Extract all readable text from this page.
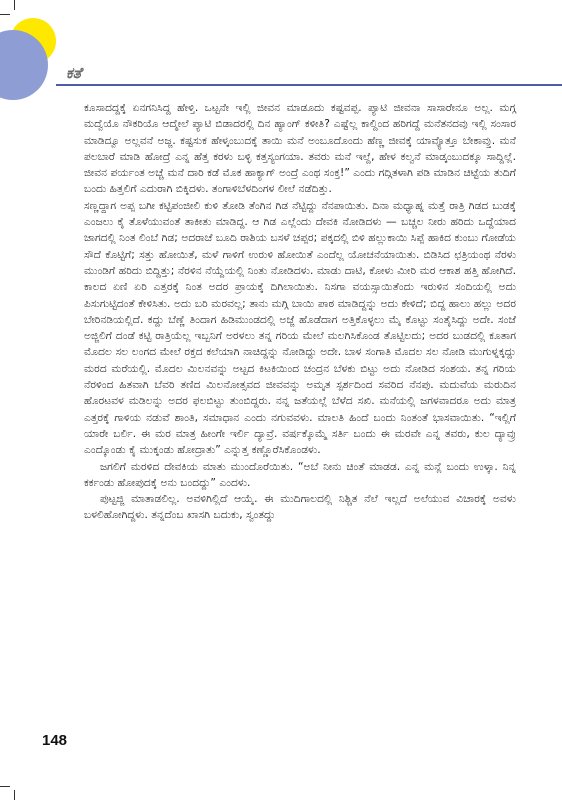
ಕತೆ

ಕೂಸಾದದ್ದಕ್ಕೆ ಏನಗನಿಸಿದ್ದ ಹೇಳ್ತಿ. ಒಟ್ಟನೇ ಇಲ್ಲಿ ಜೀವನ ಮಾಡೂದು ಕಷ್ಟವಪ್ಪ. ಪ್ಯಾಟಿ ಜೀವನಾ ಸಾಸಾರೇನೂ ಅಲ್ಲ. ಮಗ್ಗ ಮದ್ವೆಯೊ ನೌಕರಿಯೊ ಆದ್ಮೇಲೆ ಪ್ಯಾಟಿ ಬಿಡಾದರಲ್ಲಿ ದಿನ ಹ್ಯಾಂಗ್ ಕಳೀತಿ? ಎಷ್ಟೆಲ್ಲ ಕಾಲ್ದಿಂದ ಹರಿಗದ್ದೆ ಮನೆತನದವು ಇಲ್ಲಿ ಸಂಸಾರ ಮಾಡಿದ್ವೂ ಅಲ್ಲವನೆ ಅಜ್ಜ. ಕಷ್ಟಸುಕ ಹೇಳ್ಕಂಬುದಕ್ಕೆ ತಾಯಿ ಮನೆ ಅಂಬೂದೊಂದು ಹೆಣ್ಣ ಜೀವಕ್ಕೆ ಯಾವ್ಯೊತ್ತೂ ಬೇಕಾವ್ತು. ಮನೆ ಪಲಬಾರೆ ಮಾಡಿ ಹೋದ್ರೆ ಎನ್ನ ಹೆತ್ತ ಕರಳು ಬಳ್ಳಿ ಕತ್ತಸ್ಯಂಗಯಾ. ತವರು ಮನೆ ಇಲ್ದೆ, ಹೇಳ ಕಲ್ವನೆ ಮಾಡ್ಕಂಬುದಕ್ಕೂ ಸಾದ್ದಿಲ್ಲೆ. ಜೀವನ ಪರ್ಯಂತ ಅಚ್ಚೆ ಮನೆ ದಾರಿ ಕಡೆ ಮೊಕ ಹಾಕ್ಯಾಗ್ ಅಂದ್ರೆ ಎಂಥ ಸಂಕ್ತ!” ಎಂದು ಗದ್ಗಿತಳಾಗಿ ಪಡಿ ಮಾಡಿನ ಚಿಟ್ಟೆಯ ತುದಿಗೆ ಬಂದು ಹಿತ್ತಲಿಗೆ ಎದುರಾಗಿ ಬಿಕ್ಕಿದಳು. ತಂಗಾಳಿಬೆಳದಿಂಗಳ ಲೀಲೆ ನಡೆದಿತ್ತು.

ಸಣ್ಣದ್ದಾಗ ಅಪ್ಪ ಬಗೀ ಕಟ್ಟಿಪಂಜೀಲಿ ಕುಳಿ ತೋಡಿ ತೆಂಗಿನ ಗಿಡ ನೆಟ್ಟಿದ್ದು ನೆನಪಾಯಿತು. ದಿನಾ ಮಧ್ಯಾಹ್ನ ಮತ್ತೆ ರಾತ್ರಿ ಗಿಡದ ಬುಡಕ್ಕೆ ಎಂಜಲು ಕೈ ತೊಳೆಯುವಂತೆ ತಾಕೀತು ಮಾಡಿದ್ದ. ಆ ಗಿಡ ಎಲ್ಲೆಂದು ದೇವಕಿ ನೋಡಿದಳು — ಬಚ್ಚಲ ನೀರು ಹರಿದು ಒದ್ದೆಯಾದ ಜಾಗದಲ್ಲಿ ನಿಂತ ಲಿಂಬೆ ಗಿಡ; ಅದರಾಚೆ ಬೂದಿ ರಾಶಿಯ ಬಸಳೆ ಚಪ್ಪರ; ಪಕ್ಕದಲ್ಲಿ ಬಿಳಿ ಹಲ್ಲುಕಾಯಿ ಸಿಪ್ಪೆ ಹಾಕಿದ ಕುಂಬು ಗೋಡೆಯ ಸೌದೆ ಕೊಟ್ಟಿಗೆ; ಸತ್ತು ಹೋಯಿತೆ, ಮಳೆ ಗಾಳಿಗೆ ಉರುಳಿ ಹೋಯಿತೆ ಎಂದೆಲ್ಲ ಯೋಚನೆಯಾಯಿತು. ಬಿಡಿಸಿದ ಛತ್ರಿಯಂಥ ನೆರಳು ಮುಂಡಿಗೆ ಹರಿದು ಬಿದ್ದಿತ್ತು; ನೆರಳಿನ ನೆಯ್ದೆಯಲ್ಲಿ ನಿಂತು ನೋಡಿದಳು. ಮಾಡು ದಾಟಿ, ಕೋಳು ಮೀರಿ ಮರ ಆಕಾಶ ಹತ್ತಿ ಹೋಗಿದೆ. ಕಾಲದ ಏಣಿ ಏರಿ ಎತ್ತರಕ್ಕೆ ನಿಂತ ಅದರ ಪ್ರಾಯಕ್ಕೆ ದಿಗಿಲಾಯಿತು. ನಿಸಗಾ ವಯಸ್ಸಾಯಿತೆಂದು ಇರುಳಿನ ಸಂದಿಯಲ್ಲಿ ಅದು ಪಿಸುಗುಟ್ಟಿದಂತೆ ಕೇಳಿಸಿತು. ಅದು ಬರಿ ಮರವಲ್ಲ; ತಾನು ಮಗ್ಗಿ ಬಾಯಿ ಪಾಠ ಮಾಡಿದ್ದನ್ನು ಅದು ಕೇಳಿದೆ; ಬಿದ್ದ ಹಾಲು ಹಲ್ಲು ಅದರ ಬೇರಿನಡಿಯಲ್ಲಿದೆ. ಕದ್ದು ಬೆಣ್ಣೆ ತಿಂದಾಗ ಹಿಡಿಮುಂಡದಲ್ಲಿ ಅಜ್ಜೆ ಹೊಡೆದಾಗ ಅತ್ತಿಕೊಳ್ಳಲು ಮೈ ಕೊಟ್ಟು ಸಂತೈಸಿದ್ದು ಅದೇ. ಸಂಜೆ ಅಜ್ಜಿಲಿಗೆ ದಂಡೆ ಕಟ್ಟಿ ರಾತ್ರಿಯೆಲ್ಲ ಇಬ್ಬನಿಗೆ ಅರಳಲು ತನ್ನ ಗರಿಯ ಮೇಲೆ ಮಲಗಿಸಿಕೊಂಡ ತೊಟ್ಟಿಲದು; ಅದರ ಬುಡದಲ್ಲಿ ಕೂತಾಗ ಮೊದಲ ಸಲ ಲಂಗದ ಮೇಲೆ ರಕ್ತದ ಕಲೆಯಾಗಿ ನಾಚಿದ್ದನ್ನು ನೋಡಿದ್ದು ಅದೇ. ಬಾಳ ಸಂಗಾತಿ ಮೊದಲ ಸಲ ನೋಡಿ ಮುಗುಳ್ನಕ್ಕದ್ದು ಮರದ ಮರೆಯಲ್ಲಿ. ಮೊದಲ ಮಿಲನವನ್ನು ಅಟ್ಟದ ಕಿಟಕಿಯಿಂದ ಚಂದ್ರನ ಬೆಳಕು ಬಿಟ್ಟು ಅದು ನೋಡಿದ ಸಂಶಯ. ತನ್ನ ಗರಿಯ ನೆರಳಿಂದ ಹಿತವಾಗಿ ಬೆವರಿ ತಣಿದ ಮಿಲನೋತ್ಸವದ ಜೀವವನ್ನು ಅಮೃತ ಸ್ಪರ್ಶದಿಂದ ಸವರಿದ ನೆನಪು. ಮದುವೆಯ ಮರುದಿನ ಹೊರಟವಳ ಮಡಿಲನ್ನು ಅದರ ಫಲಬಿಟ್ಟು ತುಂಬಿದ್ದರು. ನನ್ನ ಜತೆಯಲ್ಲೆ ಬೆಳೆದ ಸಖಿ. ಮನೆಯಲ್ಲಿ ಜಗಳವಾದರೂ ಅದು ಮಾತ್ರ ಎತ್ತರಕ್ಕೆ ಗಾಳಿಯ ನಡುವೆ ಶಾಂತಿ, ಸಮಾಧಾನ ಎಂದು ನಗುವವಳು. ಮಾಲತಿ ಹಿಂದೆ ಬಂದು ನಿಂತಂತೆ ಭಾಸವಾಯಿತು. “ಇಲ್ಲಿಗೆ ಯಾರೇ ಬರ್ಲಿ. ಈ ಮರ ಮಾತ್ರ ಹೀಂಗೇ ಇರ್ಲಿ ದ್ಯಾವ್ರೆ. ವರ್ಷಕ್ಕೊಮ್ಮೆ ಸರ್ತಿ ಬಂದು ಈ ಮರವೇ ಎನ್ನ ತವರು, ಕುಲ ದ್ಯಾವ್ರು ಎಂದ್ಕೊಂಡು ಕೈ ಮುಕ್ಕಂಡು ಹೋದ್ರಾತು” ಎನ್ನುತ್ತ ಕಣ್ಣೊರೆಸಿಕೊಂಡಳು.

ಜಗಲಿಗೆ ಮರಳಿದ ದೇವಕಿಯ ಮಾತು ಮುಂದೊರೆಯಿತು. “ಅಬೆ ನೀನು ಚಿಂತೆ ಮಾಡಡ. ಎನ್ನ ಮನ್ಲೆ ಬಂದು ಉಳ್ಕಾ. ನಿನ್ನ ಕರ್ಕಂಡು ಹೋಪುದಕ್ಕೆ ಅನು ಬಂದದ್ದು” ಎಂದಳು.

ಪುಟ್ಟಜ್ಜಿ ಮಾತಾಡಲಿಲ್ಲ. ಅವಳಿಗಿಲ್ಲಿದೆ ಆಯ್ಕೆ. ಈ ಮುದಿಗಾಲದಲ್ಲಿ ನಿಶ್ಚಿತ ನೆಲೆ ಇಲ್ಲದೆ ಅಲೆಯುವ ವಿಚಾರಕ್ಕೆ ಅವಳು ಬಳಲಿಹೋಗಿದ್ದಳು. ತನ್ನದೆಂಬ ಖಾಸಗಿ ಬದುಕು, ಸ್ವಂತದ್ದು

148
